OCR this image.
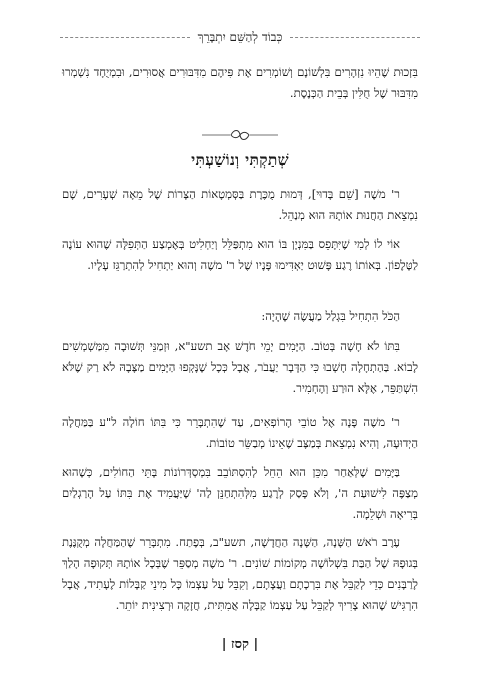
כְּבוֹד לְהַשֵּׁם יִתְבָּרֵךְ

בִּזְכוּת שֶׁהֵיוּ נִזְהָרִים בִּלְשׁוֹנָם וְשׁוֹמְרִים אֶת פִּיהֶם מִדִּבּוּרִים אֲסוּרִים, וּבִמְיֻחָד נִשְׁמְרוּ מִדִּבּוּר שֶׁל חֻלִּין בְּבֵית הַכְּנֶסֶת.

שְׁתַקְתִּי וְנוֹשַׁעְתִּי

ר' משֶׁה [שֵׁם בָּדוּי], דְּמוּת מֻכֶּרֶת בַּסְּמְטָאוֹת הַצָּרוֹת שֶׁל מֵאָה שְׁעָרִים, שָׁם נִמְצֵאת הַחֲנוּת אוֹתָהּ הוּא מְנַהֵל.

אוֹי לוֹ לְמִי שֶׁיִּתָּפֵס בַּמִּנְיָן בּוֹ הוּא מִתְפַּלֵּל וְיַחְלִיט בְּאֶמְצַע הַתְּפִלָּה שֶׁהוּא עוֹנֶה לַטֶּלֶפוֹן. בְּאוֹתוֹ רֶגַע פָּשׁוּט יַאְדִּימוּ פָּנָיו שֶׁל ר' משֶׁה וְהוּא יַתְחִיל לְהִתְרַגֵּז עָלָיו.

הַכֹּל הִתְחִיל בִּגְלַל מַעֲשֶׂה שֶׁהָיָה:

בִּתּוֹ לֹא חָשָׁה בְּטוֹב. הַיָּמִים יְמֵי חֹדֶשׁ אָב תשע"א, וּזְמַנֵּי תְּשׁוּבָה מִמַּשְׁמְשִׁים לָבוֹא. בַּהַתְחָלָה חָשְׁבוּ כִּי הַדָּבָר יַעֲבֹר, אֲבָל כְּכָל שֶׁנָּקְפוּ הַיָּמִים מַצָּבָהּ לֹא רַק שֶׁלֹּא הִשְׁתַּפֵּר, אֶלָּא הוּרַע וְהֶחְמִיר.

ר' משֶׁה פָּנָה אֶל טוֹבֵי הָרוֹפְאִים, עַד שֶׁהִתְבָּרֵר כִּי בִּתּוֹ חוֹלָה ל"ע בַּמַּחֲלָה הַיְדוּעָה, וְהִיא נִמְצֵאת בְּמַצָּב שֶׁאֵינוֹ מְבַשֵּׂר טוֹבוֹת.

בַּיָּמִים שֶׁלְּאַחַר מִכֵּן הוּא הֵחֵל לְהִסְתּוֹבֵב בִּמְסְדְּרוֹנוֹת בָּתֵּי הַחוֹלִים, כְּשֶׁהוּא מְצַפֶּה לִישׁוּעַת ה', וְלֹא פָּסַק לְרֶגַע מִלְּהִתְחַנֵּן לַה' שֶׁיַּעֲמִיד אֶת בִּתּוֹ עַל הָרַגְלַיִם בְּרִיאָה וּשְׁלֵמָה.

עֶרֶב רֹאשׁ הַשָּׁנָה, הַשָּׁנָה הַחֲדָשָׁה, תשע"ב, בְּפֶתַח. מִתְבָּרֵר שֶׁהַמַּחֲלָה מְקֻנֶּנֶת בְּגוּפָהּ שֶׁל הַבַּת בִּשְׁלוֹשָׁה מְקוֹמוֹת שׁוֹנִים. ר' משֶׁה מְסַפֵּר שֶׁבְּכָל אוֹתָהּ תְּקוּפָה הָלַךְ לָרַבָּנִים כְּדֵי לְקַבֵּל אֶת בִּרְכָתָם וַעֲצָתָם, וְקִבֵּל עַל עַצְמוֹ כָּל מִינֵי קַבָּלוֹת לֶעָתִיד, אֲבָל הִרְגִּישׁ שֶׁהוּא צָרִיךְ לְקַבֵּל עַל עַצְמוֹ קַבָּלָה אֲמִתִּית, חֲזָקָה וּרְצִינִית יוֹתֵר.

| קסז |
